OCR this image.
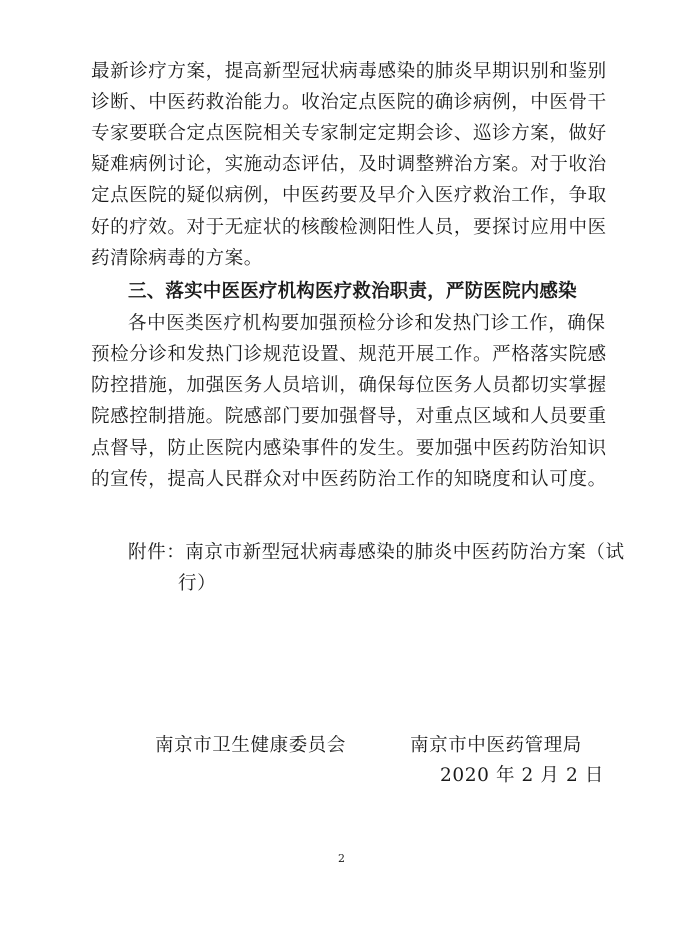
最新诊疗方案，提高新型冠状病毒感染的肺炎早期识别和鉴别
诊断、中医药救治能力。收治定点医院的确诊病例，中医骨干
专家要联合定点医院相关专家制定定期会诊、巡诊方案，做好
疑难病例讨论，实施动态评估，及时调整辨治方案。对于收治
定点医院的疑似病例，中医药要及早介入医疗救治工作，争取
好的疗效。对于无症状的核酸检测阳性人员，要探讨应用中医
药清除病毒的方案。
三、落实中医医疗机构医疗救治职责，严防医院内感染
各中医类医疗机构要加强预检分诊和发热门诊工作，确保
预检分诊和发热门诊规范设置、规范开展工作。严格落实院感
防控措施，加强医务人员培训，确保每位医务人员都切实掌握
院感控制措施。院感部门要加强督导，对重点区域和人员要重
点督导，防止医院内感染事件的发生。要加强中医药防治知识
的宣传，提高人民群众对中医药防治工作的知晓度和认可度。
附件：南京市新型冠状病毒感染的肺炎中医药防治方案（试
行）
南京市卫生健康委员会	南京市中医药管理局
2020 年 2 月 2 日
2
